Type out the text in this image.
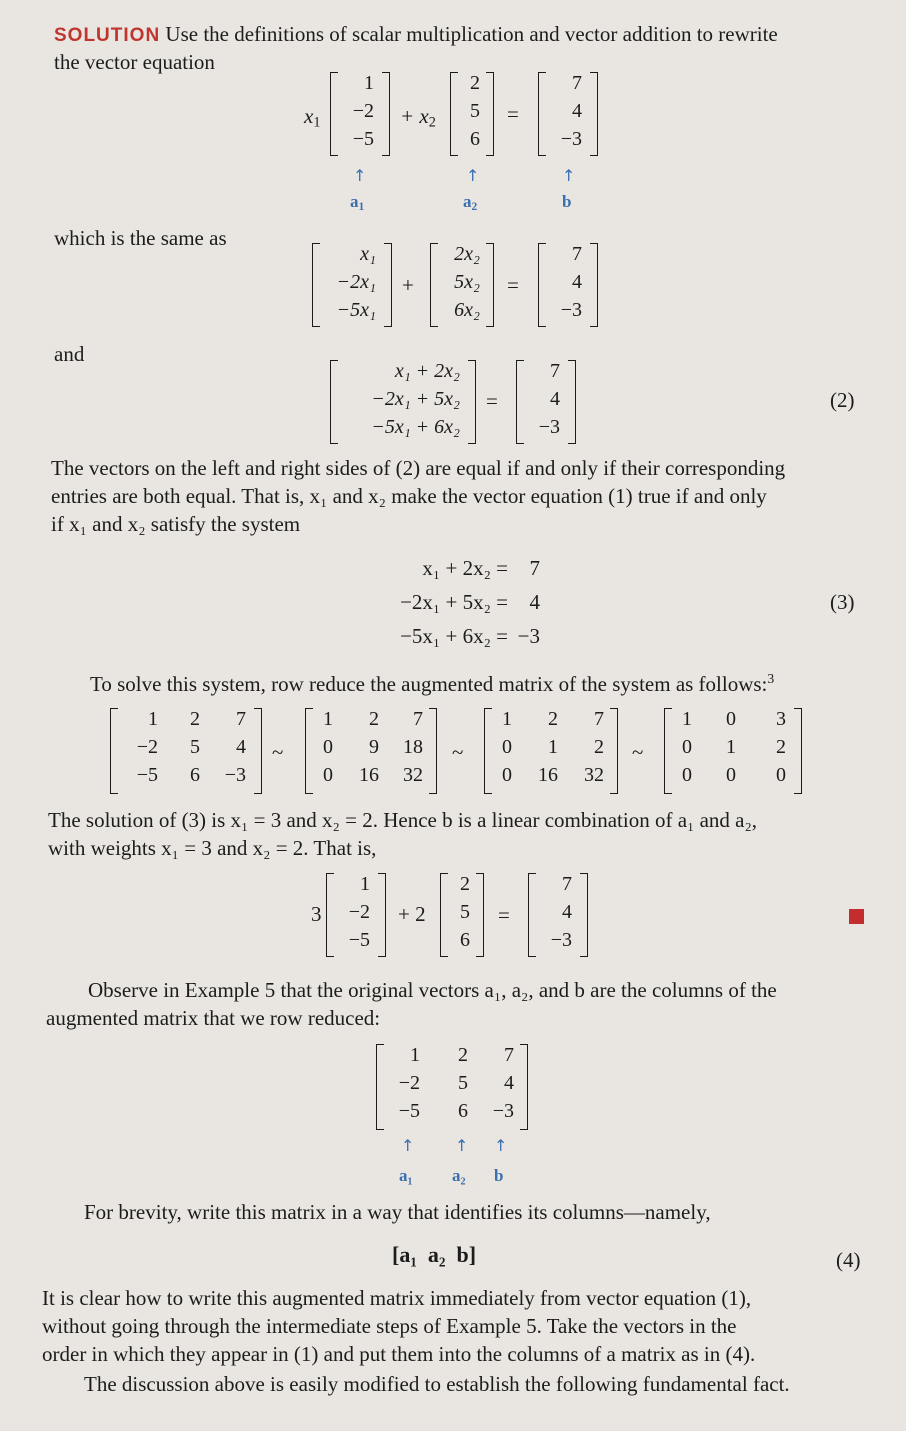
SOLUTION Use the definitions of scalar multiplication and vector addition to rewrite
the vector equation
$x_1$
1
−2
−5
+ $x_2$
2
5
6
=
7
4
−3
↑	↑	↑
$a_1$	$a_2$	b
which is the same as
x₁
−2x₁
−5x₁
+
2x₂
5x₂
6x₂
=
7
4
−3
and
x₁ + 2x₂
−2x₁ + 5x₂
−5x₁ + 6x₂
=
7
4
−3
(2)
The vectors on the left and right sides of (2) are equal if and only if their corresponding
entries are both equal. That is, x₁ and x₂ make the vector equation (1) true if and only
if x₁ and x₂ satisfy the system
x₁ + 2x₂ =	7
−2x₁ + 5x₂ =	4
−5x₁ + 6x₂ = −3
(3)
To solve this system, row reduce the augmented matrix of the system as follows:$^3$
1 2 7
−2 5 4
−5 6 −3
~
1 2 7
0 9 18
0 16 32
~
1 2 7
0 1 2
0 16 32
~
1 0 3
0 1 2
0 0 0
The solution of (3) is x₁ = 3 and x₂ = 2. Hence b is a linear combination of a₁ and a₂,
with weights x₁ = 3 and x₂ = 2. That is,
3
1
−2
−5
+ 2
2
5
6
=
7
4
−3
Observe in Example 5 that the original vectors a₁, a₂, and b are the columns of the
augmented matrix that we row reduced:
1 2 7
−2 5 4
−5 6 −3
↑	↑ ↑
a₁ a₂ b
For brevity, write this matrix in a way that identifies its columns—namely,
[a₁  a₂  b]	(4)
It is clear how to write this augmented matrix immediately from vector equation (1),
without going through the intermediate steps of Example 5. Take the vectors in the
order in which they appear in (1) and put them into the columns of a matrix as in (4).
The discussion above is easily modified to establish the following fundamental fact.
